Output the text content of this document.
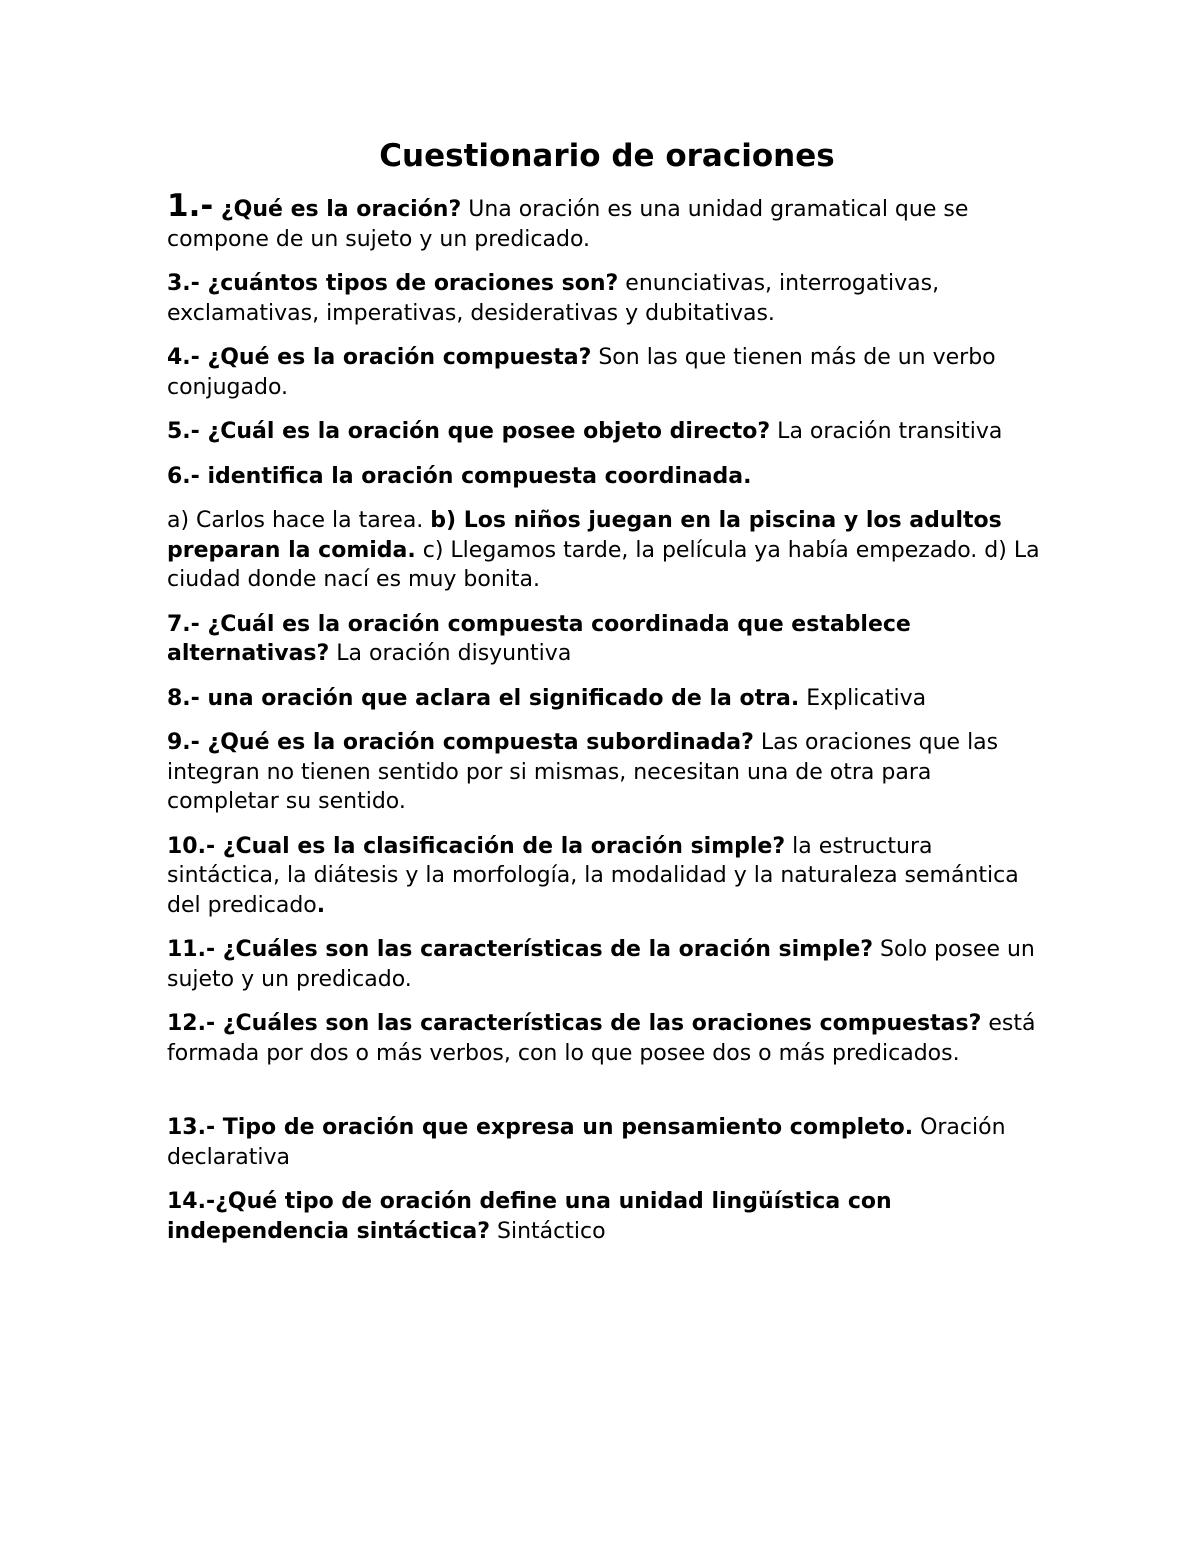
Cuestionario de oraciones

1.- ¿Qué es la oración? Una oración es una unidad gramatical que se compone de un sujeto y un predicado.

3.- ¿cuántos tipos de oraciones son? enunciativas, interrogativas, exclamativas, imperativas, desiderativas y dubitativas.

4.- ¿Qué es la oración compuesta? Son las que tienen más de un verbo conjugado.

5.- ¿Cuál es la oración que posee objeto directo? La oración transitiva

6.- identifica la oración compuesta coordinada.

a) Carlos hace la tarea. b) Los niños juegan en la piscina y los adultos preparan la comida. c) Llegamos tarde, la película ya había empezado. d) La ciudad donde nací es muy bonita.

7.- ¿Cuál es la oración compuesta coordinada que establece alternativas? La oración disyuntiva

8.- una oración que aclara el significado de la otra. Explicativa

9.- ¿Qué es la oración compuesta subordinada? Las oraciones que las integran no tienen sentido por si mismas, necesitan una de otra para completar su sentido.

10.- ¿Cual es la clasificación de la oración simple? la estructura sintáctica, la diátesis y la morfología, la modalidad y la naturaleza semántica del predicado.

11.- ¿Cuáles son las características de la oración simple? Solo posee un sujeto y un predicado.

12.- ¿Cuáles son las características de las oraciones compuestas? está formada por dos o más verbos, con lo que posee dos o más predicados.

13.- Tipo de oración que expresa un pensamiento completo. Oración declarativa

14.-¿Qué tipo de oración define una unidad lingüística con independencia sintáctica? Sintáctico
